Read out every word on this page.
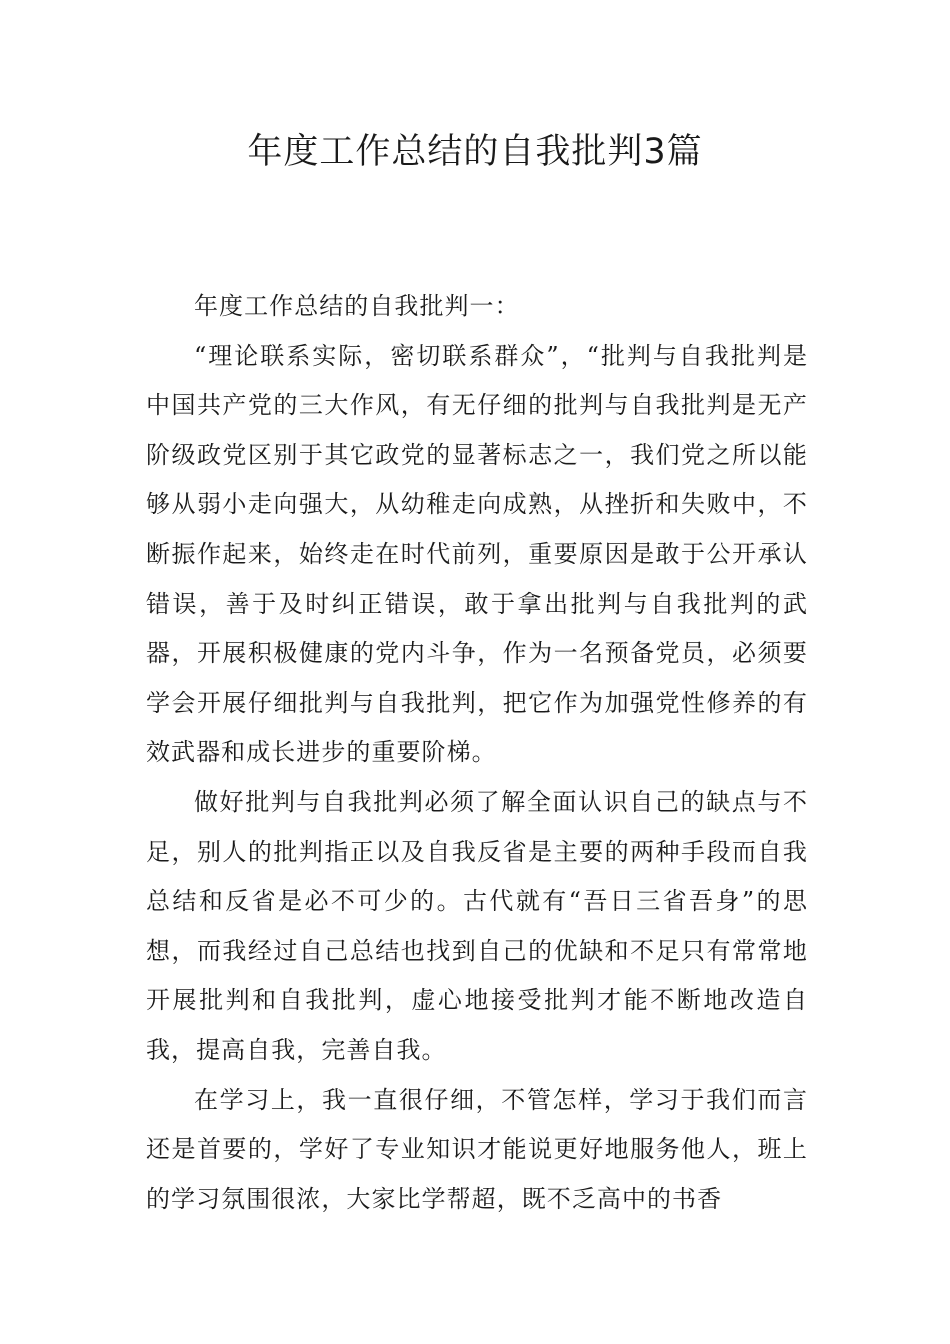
年度工作总结的自我批判3篇

年度工作总结的自我批判一：

“理论联系实际，密切联系群众”，“批判与自我批判是中国共产党的三大作风，有无仔细的批判与自我批判是无产阶级政党区别于其它政党的显著标志之一，我们党之所以能够从弱小走向强大，从幼稚走向成熟，从挫折和失败中，不断振作起来，始终走在时代前列，重要原因是敢于公开承认错误，善于及时纠正错误，敢于拿出批判与自我批判的武器，开展积极健康的党内斗争，作为一名预备党员，必须要学会开展仔细批判与自我批判，把它作为加强党性修养的有效武器和成长进步的重要阶梯。

做好批判与自我批判必须了解全面认识自己的缺点与不足，别人的批判指正以及自我反省是主要的两种手段而自我总结和反省是必不可少的。古代就有“吾日三省吾身”的思想，而我经过自己总结也找到自己的优缺和不足只有常常地开展批判和自我批判，虚心地接受批判才能不断地改造自我，提高自我，完善自我。

在学习上，我一直很仔细，不管怎样，学习于我们而言还是首要的，学好了专业知识才能说更好地服务他人，班上的学习氛围很浓，大家比学帮超，既不乏高中的书香
